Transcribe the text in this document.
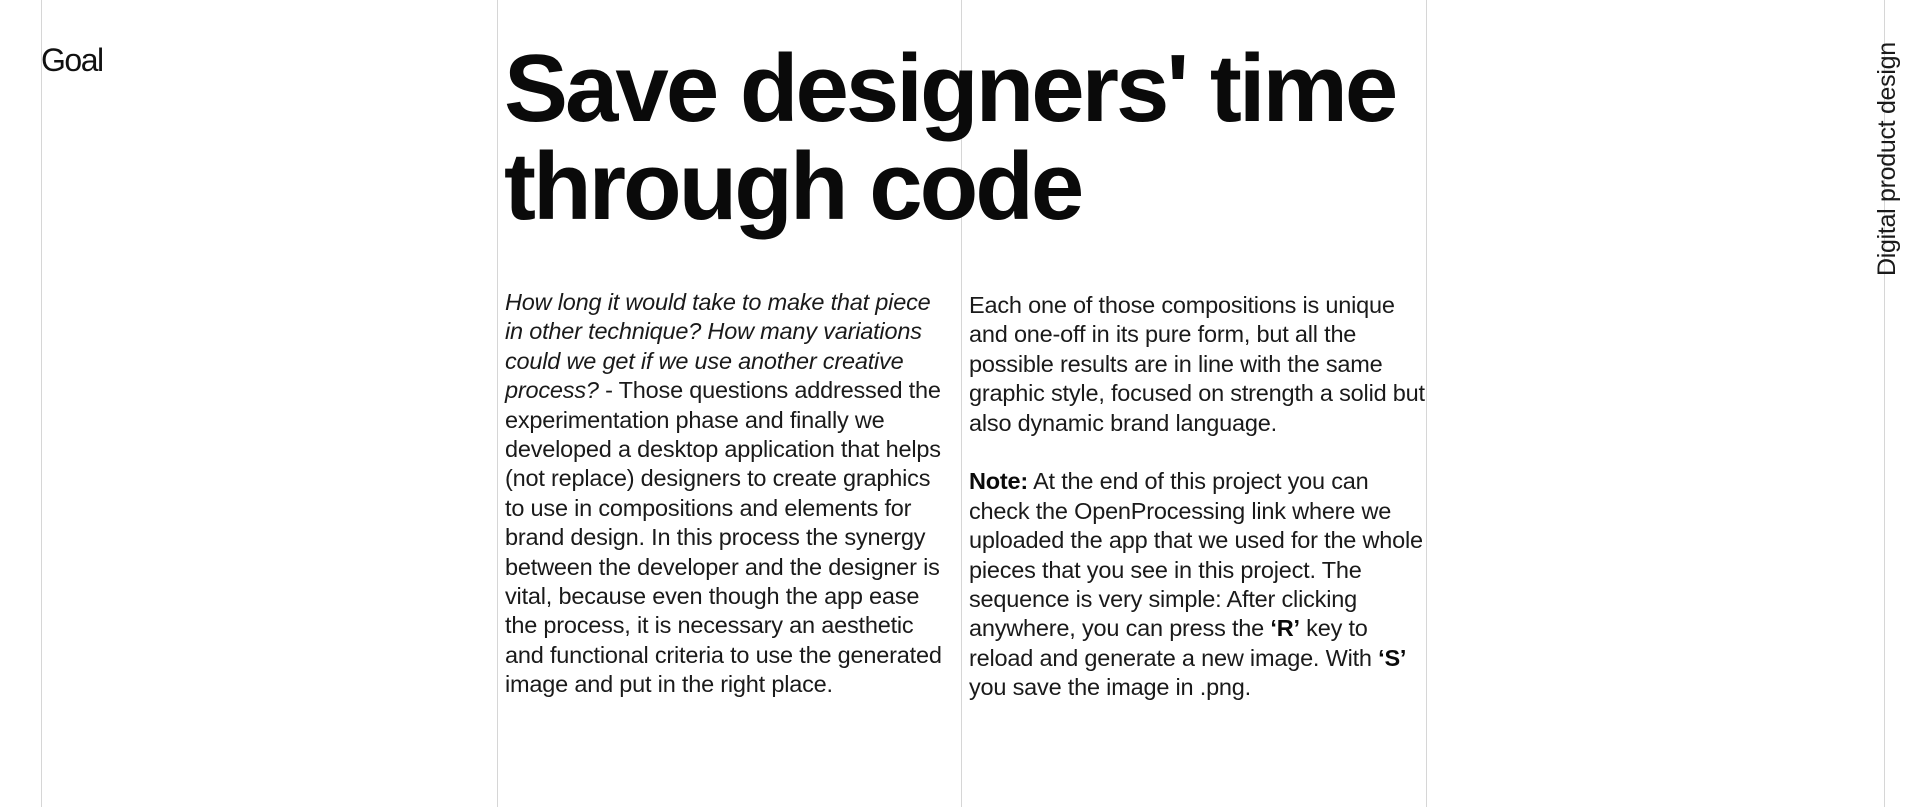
Goal	Save designers' time
through code
How long it would take to make that piece in other technique? How many variations could we get if we use another creative process? - Those questions addressed the experimentation phase and finally we developed a desktop application that helps (not replace) designers to create graphics to use in compositions and elements for brand design. In this process the synergy between the developer and the designer is vital, because even though the app ease the process, it is necessary an aesthetic and functional criteria to use the generated image and put in the right place.

Each one of those compositions is unique and one-off in its pure form, but all the possible results are in line with the same graphic style, focused on strength a solid but also dynamic brand language.

Note: At the end of this project you can check the OpenProcessing link where we uploaded the app that we used for the whole pieces that you see in this project. The sequence is very simple: After clicking anywhere, you can press the ‘R’ key to reload and generate a new image. With ‘S’ you save the image in .png.

Digital product design
